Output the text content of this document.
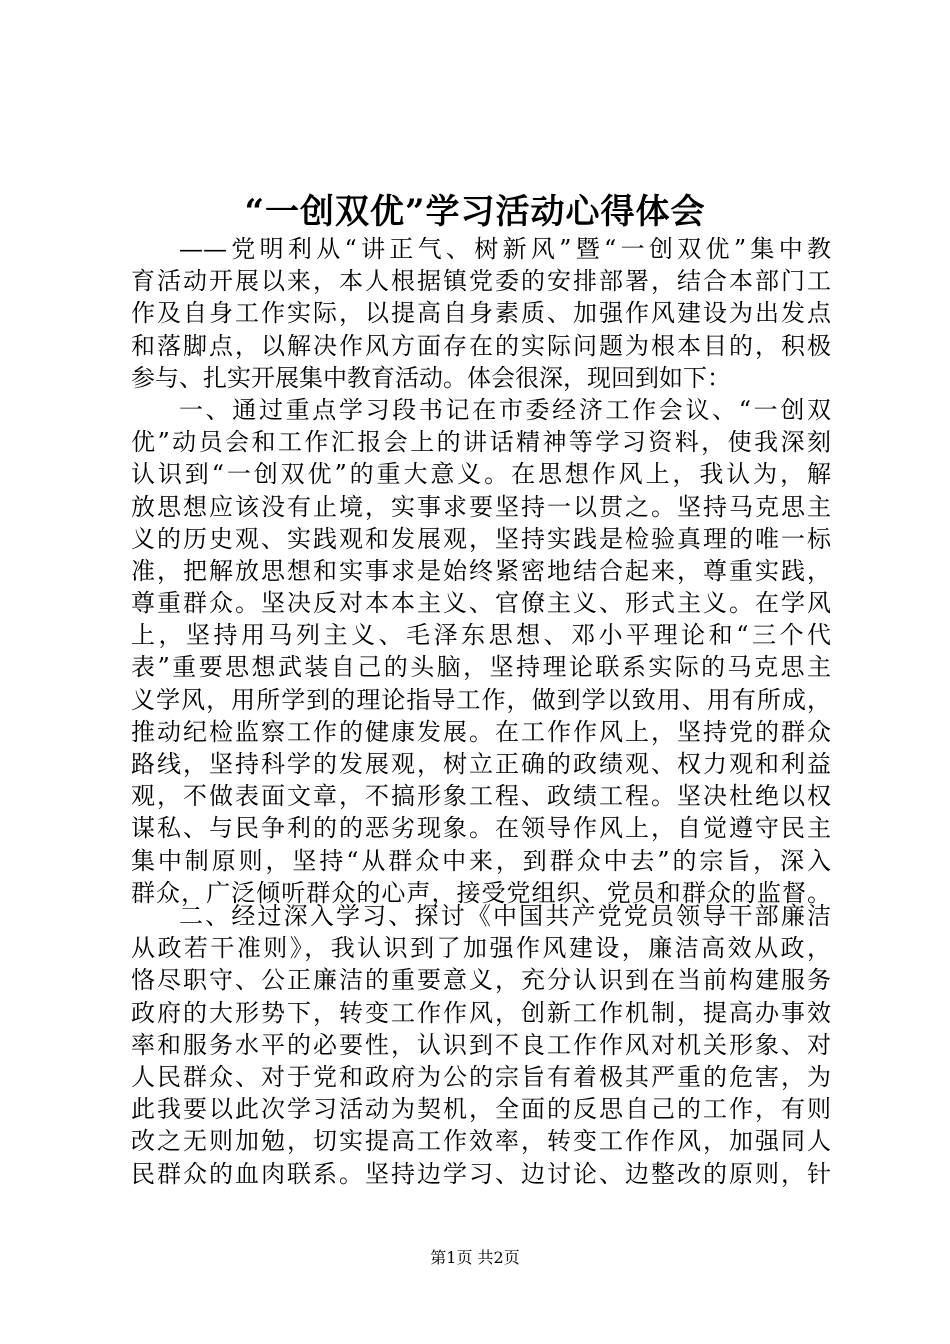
“一创双优”学习活动心得体会
——党明利从“讲正气、树新风”暨“一创双优”集中教
育活动开展以来，本人根据镇党委的安排部署，结合本部门工
作及自身工作实际，以提高自身素质、加强作风建设为出发点
和落脚点，以解决作风方面存在的实际问题为根本目的，积极
参与、扎实开展集中教育活动。体会很深，现回到如下：
一、通过重点学习段书记在市委经济工作会议、“一创双
优”动员会和工作汇报会上的讲话精神等学习资料，使我深刻
认识到“一创双优”的重大意义。在思想作风上，我认为，解
放思想应该没有止境，实事求要坚持一以贯之。坚持马克思主
义的历史观、实践观和发展观，坚持实践是检验真理的唯一标
准，把解放思想和实事求是始终紧密地结合起来，尊重实践，
尊重群众。坚决反对本本主义、官僚主义、形式主义。在学风
上，坚持用马列主义、毛泽东思想、邓小平理论和“三个代
表”重要思想武装自己的头脑，坚持理论联系实际的马克思主
义学风，用所学到的理论指导工作，做到学以致用、用有所成，
推动纪检监察工作的健康发展。在工作作风上，坚持党的群众
路线，坚持科学的发展观，树立正确的政绩观、权力观和利益
观，不做表面文章，不搞形象工程、政绩工程。坚决杜绝以权
谋私、与民争利的的恶劣现象。在领导作风上，自觉遵守民主
集中制原则，坚持“从群众中来，到群众中去”的宗旨，深入
群众，广泛倾听群众的心声，接受党组织、党员和群众的监督。
二、经过深入学习、探讨《中国共产党党员领导干部廉洁
从政若干准则》，我认识到了加强作风建设，廉洁高效从政，
恪尽职守、公正廉洁的重要意义，充分认识到在当前构建服务
政府的大形势下，转变工作作风，创新工作机制，提高办事效
率和服务水平的必要性，认识到不良工作作风对机关形象、对
人民群众、对于党和政府为公的宗旨有着极其严重的危害，为
此我要以此次学习活动为契机，全面的反思自己的工作，有则
改之无则加勉，切实提高工作效率，转变工作作风，加强同人
民群众的血肉联系。坚持边学习、边讨论、边整改的原则，针
第1页 共2页
